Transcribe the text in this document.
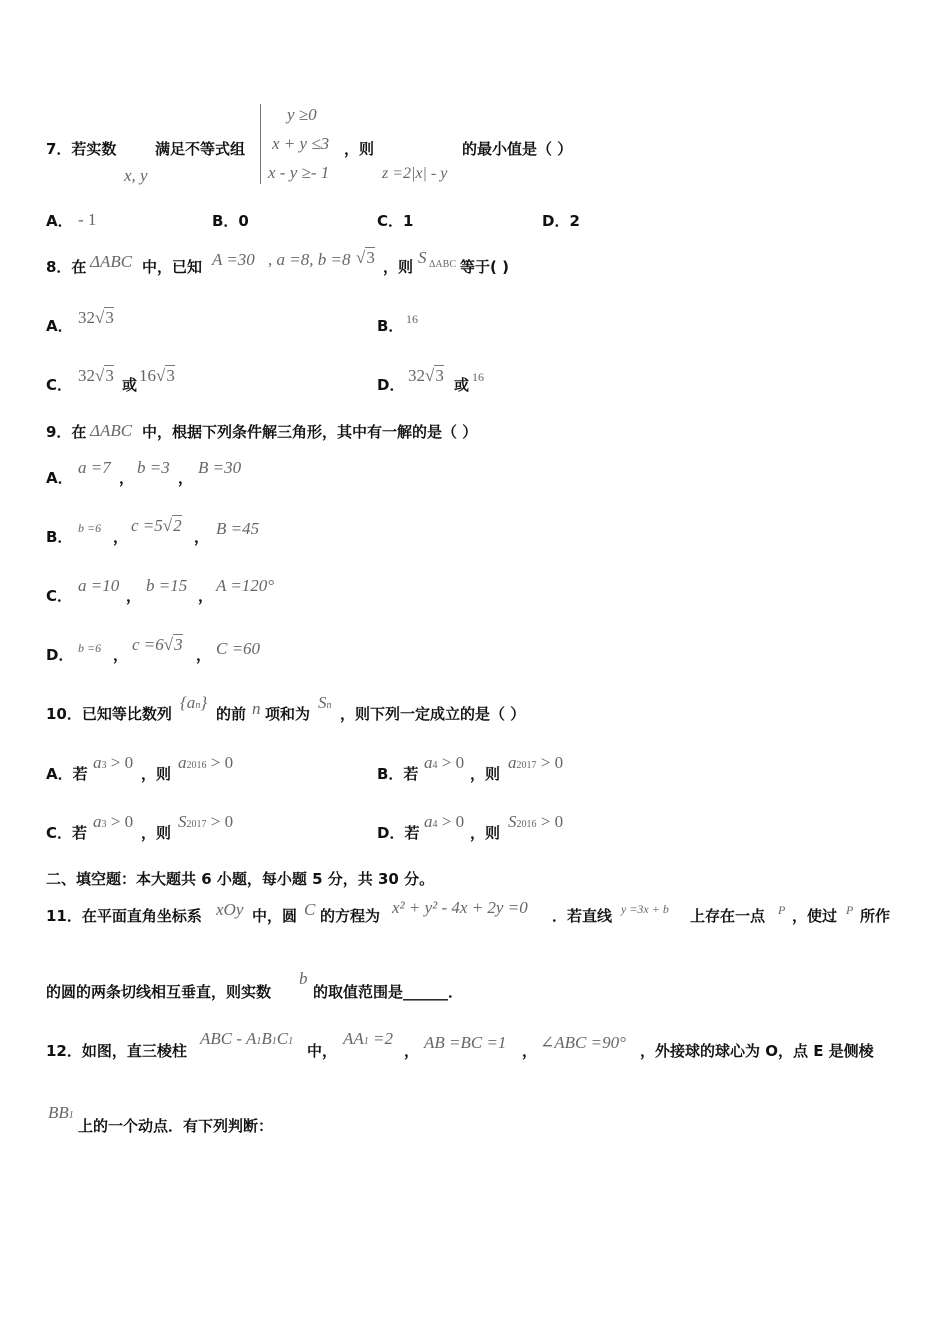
7．若实数
x, y
满足不等式组
y ≥0
x + y ≤3
x - y ≥- 1
，则
z =2|x| - y
的最小值是（ ）
A． - 1	B．0	C．1	D．2
8．在 ΔABC 中，已知 A =30 , a =8, b =8 √3 ，则 S ΔABC 等于( )
A． 32√3	B． 16
C． 32√3 或 16√3	D． 32√3 或 16
9．在 ΔABC 中，根据下列条件解三角形，其中有一解的是（ ）
A．
a =7
，
b =3
，
B =30
B． b =6 ，
c =5√2
， B =45
C．
a =10
，
b =15
，
A =120°
D． b =6 ，
c =6√3
， C =60
10．已知等比数列
{an}
的前 n 项和为
Sn ，则下列一定成立的是（ ）
A．若
a3 > 0
，则
a2016 > 0
B．若
a4 > 0
，则
a2017 > 0
C．若
a3 > 0
，则
S2017 > 0
D．若
a4 > 0
，则
S2016 > 0
二、填空题：本大题共 6 小题，每小题 5 分，共 30 分。
11．在平面直角坐标系 xOy 中，圆 C 的方程为 x² + y² - 4x + 2y =0 ．若直线 y =3x + b 上存在一点 P ，使过 P 所作
的圆的两条切线相互垂直，则实数
b
的取值范围是______．
12．如图，直三棱柱
ABC - A1B1C1
中，
AA1 =2
， AB =BC =1 ， ∠ABC =90° ，外接球的球心为 O，点 E 是侧棱
BB1
上的一个动点．有下列判断：
